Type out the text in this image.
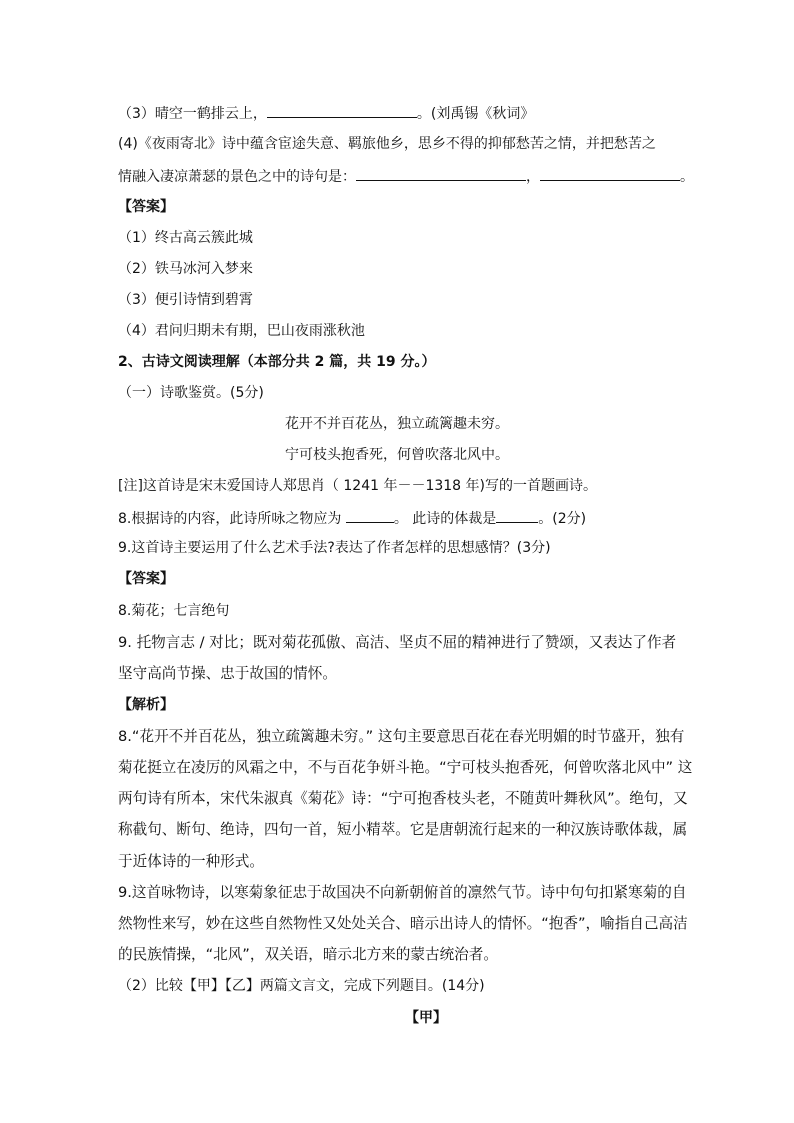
（3）晴空一鹤排云上，	。(刘禹锡《秋词》
(4)《夜雨寄北》诗中蕴含宦途失意、羁旅他乡，思乡不得的抑郁愁苦之情，并把愁苦之
情融入凄凉萧瑟的景色之中的诗句是：	，	。
【答案】
（1）终古高云簇此城
（2）铁马冰河入梦来
（3）便引诗情到碧霄
（4）君问归期未有期，巴山夜雨涨秋池
2、古诗文阅读理解（本部分共 2 篇，共 19 分。）
（一）诗歌鉴赏。(5分)
花开不并百花丛，独立疏篱趣未穷。
宁可枝头抱香死，何曾吹落北风中。
[注]这首诗是宋末爱国诗人郑思肖（ 1241 年－－1318 年)写的一首题画诗。
8.根据诗的内容，此诗所咏之物应为	。 此诗的体裁是	。(2分)
9.这首诗主要运用了什么艺术手法?表达了作者怎样的思想感情？(3分)
【答案】
8.菊花；七言绝句
9. 托物言志 / 对比；既对菊花孤傲、高洁、坚贞不屈的精神进行了赞颂，又表达了作者
坚守高尚节操、忠于故国的情怀。
【解析】
8.“花开不并百花丛，独立疏篱趣未穷。” 这句主要意思百花在春光明媚的时节盛开，独有
菊花挺立在凌厉的风霜之中，不与百花争妍斗艳。“宁可枝头抱香死，何曾吹落北风中” 这
两句诗有所本，宋代朱淑真《菊花》诗：“宁可抱香枝头老，不随黄叶舞秋风”。绝句，又
称截句、断句、绝诗，四句一首，短小精萃。它是唐朝流行起来的一种汉族诗歌体裁，属
于近体诗的一种形式。
9.这首咏物诗，以寒菊象征忠于故国决不向新朝俯首的凛然气节。诗中句句扣紧寒菊的自
然物性来写，妙在这些自然物性又处处关合、暗示出诗人的情怀。“抱香”，喻指自己高洁
的民族情操，“北风”，双关语，暗示北方来的蒙古统治者。
（2）比较【甲】【乙】两篇文言文，完成下列题目。(14分)
【甲】
